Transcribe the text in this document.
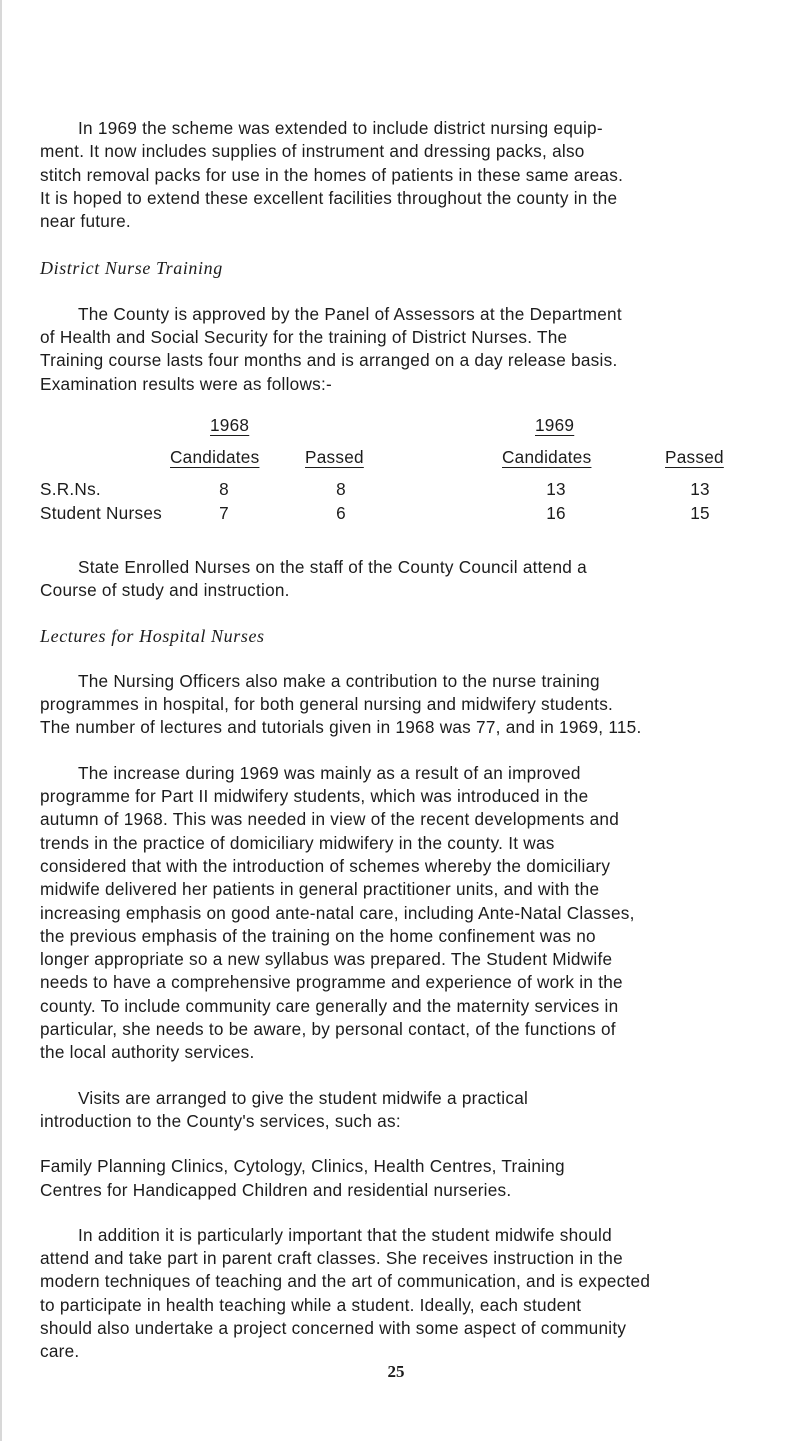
In 1969 the scheme was extended to include district nursing equip-
ment. It now includes supplies of instrument and dressing packs, also
stitch removal packs for use in the homes of patients in these same areas.
It is hoped to extend these excellent facilities throughout the county in the
near future.

District Nurse Training

The County is approved by the Panel of Assessors at the Department
of Health and Social Security for the training of District Nurses. The
Training course lasts four months and is arranged on a day release basis.
Examination results were as follows:-

1968	1969
Candidates	Passed	Candidates	Passed
S.R.Ns.	8	8	13	13
Student Nurses	7	6	16	15

State Enrolled Nurses on the staff of the County Council attend a
Course of study and instruction.

Lectures for Hospital Nurses

The Nursing Officers also make a contribution to the nurse training
programmes in hospital, for both general nursing and midwifery students.
The number of lectures and tutorials given in 1968 was 77, and in 1969, 115.

The increase during 1969 was mainly as a result of an improved
programme for Part II midwifery students, which was introduced in the
autumn of 1968. This was needed in view of the recent developments and
trends in the practice of domiciliary midwifery in the county. It was
considered that with the introduction of schemes whereby the domiciliary
midwife delivered her patients in general practitioner units, and with the
increasing emphasis on good ante-natal care, including Ante-Natal Classes,
the previous emphasis of the training on the home confinement was no
longer appropriate so a new syllabus was prepared. The Student Midwife
needs to have a comprehensive programme and experience of work in the
county. To include community care generally and the maternity services in
particular, she needs to be aware, by personal contact, of the functions of
the local authority services.

Visits are arranged to give the student midwife a practical
introduction to the County's services, such as:

Family Planning Clinics, Cytology, Clinics, Health Centres, Training
Centres for Handicapped Children and residential nurseries.

In addition it is particularly important that the student midwife should
attend and take part in parent craft classes. She receives instruction in the
modern techniques of teaching and the art of communication, and is expected
to participate in health teaching while a student. Ideally, each student
should also undertake a project concerned with some aspect of community
care.

25
